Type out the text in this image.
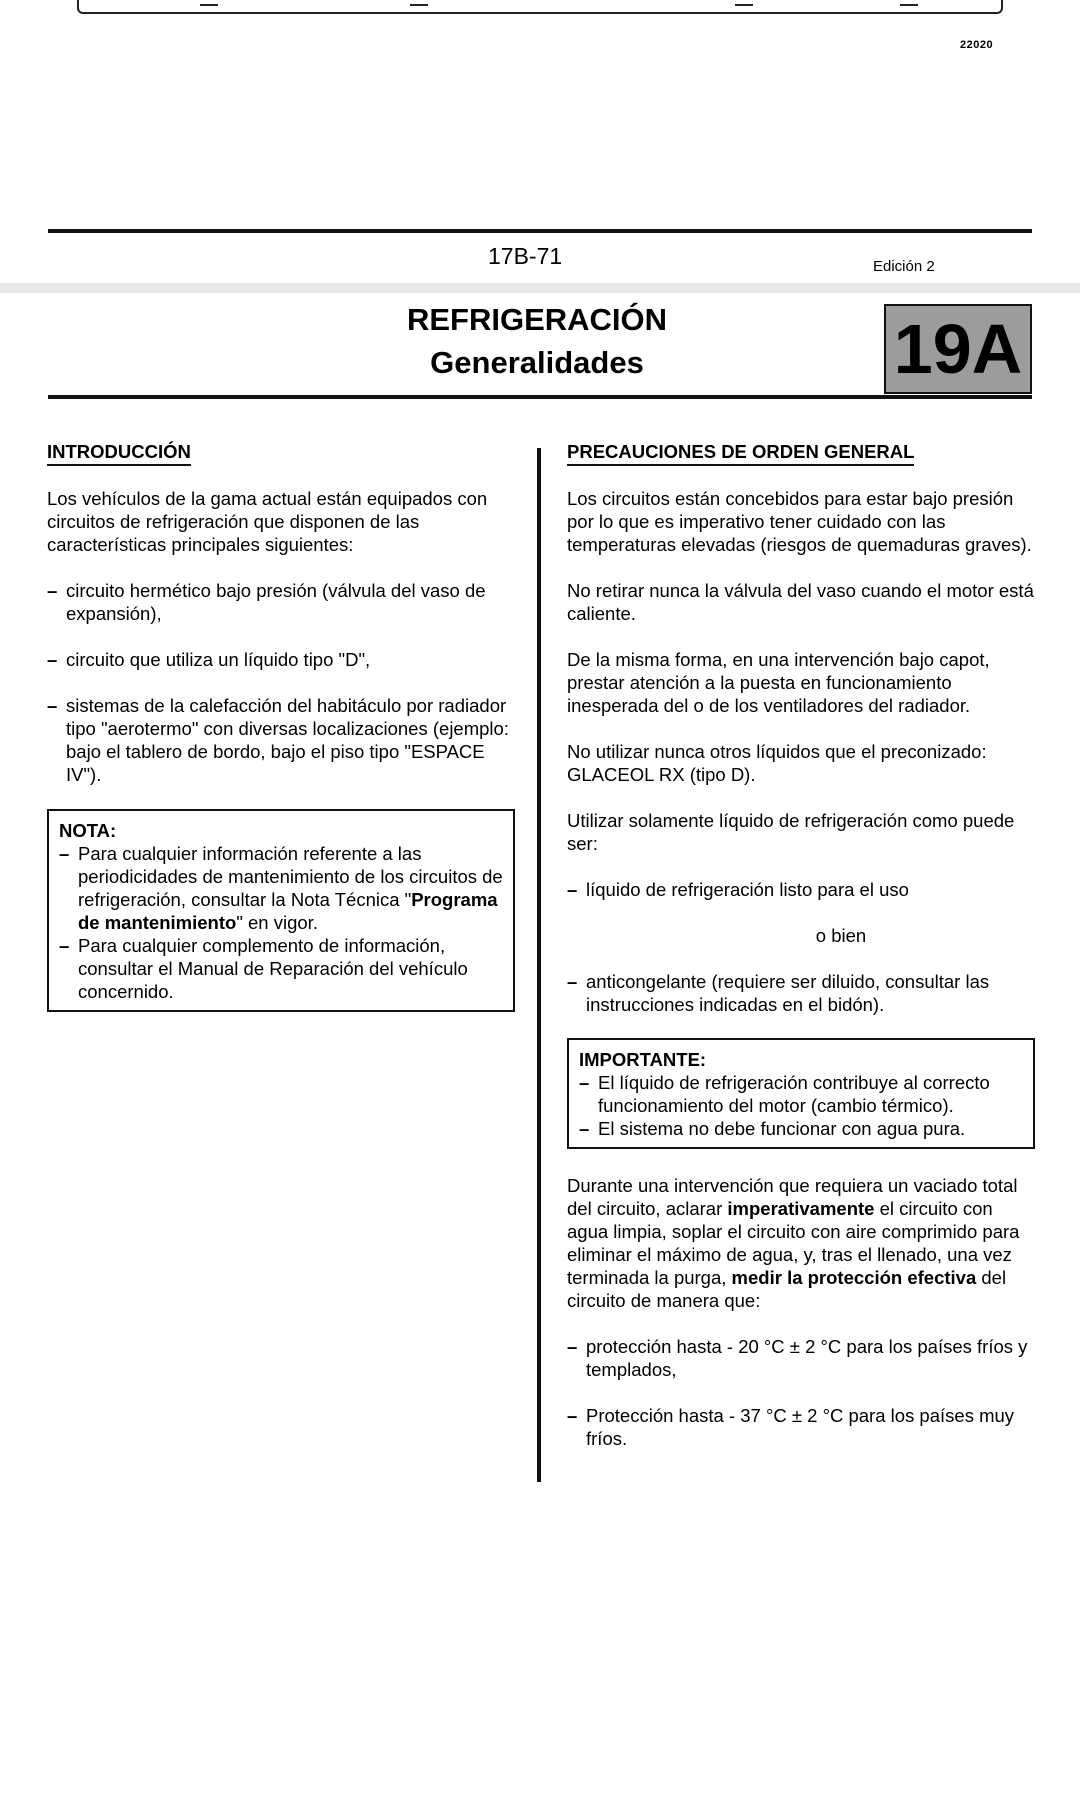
22020
17B-71	Edición 2
REFRIGERACIÓN
Generalidades	19A
INTRODUCCIÓN

Los vehículos de la gama actual están equipados con circuitos de refrigeración que disponen de las características principales siguientes:

– circuito hermético bajo presión (válvula del vaso de expansión),
– circuito que utiliza un líquido tipo "D",
– sistemas de la calefacción del habitáculo por radiador tipo "aerotermo" con diversas localizaciones (ejemplo: bajo el tablero de bordo, bajo el piso tipo "ESPACE IV").
NOTA:
– Para cualquier información referente a las periodicidades de mantenimiento de los circuitos de refrigeración, consultar la Nota Técnica "Programa de mantenimiento" en vigor.
– Para cualquier complemento de información, consultar el Manual de Reparación del vehículo concernido.
PRECAUCIONES DE ORDEN GENERAL

Los circuitos están concebidos para estar bajo presión por lo que es imperativo tener cuidado con las temperaturas elevadas (riesgos de quemaduras graves).

No retirar nunca la válvula del vaso cuando el motor está caliente.

De la misma forma, en una intervención bajo capot, prestar atención a la puesta en funcionamiento inesperada del o de los ventiladores del radiador.

No utilizar nunca otros líquidos que el preconizado: GLACEOL RX (tipo D).

Utilizar solamente líquido de refrigeración como puede ser:

– líquido de refrigeración listo para el uso
o bien
– anticongelante (requiere ser diluido, consultar las instrucciones indicadas en el bidón).
IMPORTANTE:
– El líquido de refrigeración contribuye al correcto funcionamiento del motor (cambio térmico).
– El sistema no debe funcionar con agua pura.

Durante una intervención que requiera un vaciado total del circuito, aclarar imperativamente el circuito con agua limpia, soplar el circuito con aire comprimido para eliminar el máximo de agua, y, tras el llenado, una vez terminada la purga, medir la protección efectiva del circuito de manera que:

– protección hasta - 20 °C ± 2 °C para los países fríos y templados,
– Protección hasta - 37 °C ± 2 °C para los países muy fríos.
